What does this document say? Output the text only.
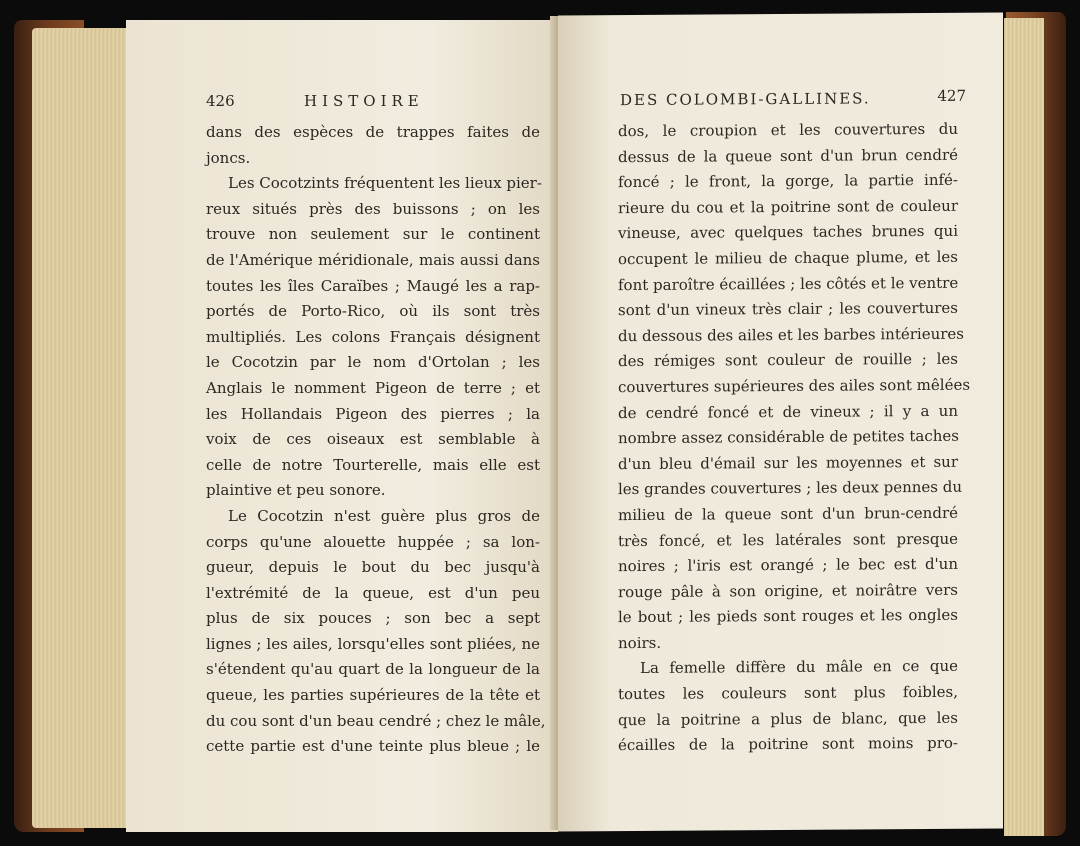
426	HISTOIRE
dans des espèces de trappes faites de
joncs.
Les Cocotzints fréquentent les lieux pier-
reux situés près des buissons ; on les
trouve non seulement sur le continent
de l'Amérique méridionale, mais aussi dans
toutes les îles Caraïbes ; Maugé les a rap-
portés de Porto-Rico, où ils sont très
multipliés. Les colons Français désignent
le Cocotzin par le nom d'Ortolan ; les
Anglais le nomment Pigeon de terre ; et
les Hollandais Pigeon des pierres ; la
voix de ces oiseaux est semblable à
celle de notre Tourterelle, mais elle est
plaintive et peu sonore.
Le Cocotzin n'est guère plus gros de
corps qu'une alouette huppée ; sa lon-
gueur, depuis le bout du bec jusqu'à
l'extrémité de la queue, est d'un peu
plus de six pouces ; son bec a sept
lignes ; les ailes, lorsqu'elles sont pliées, ne
s'étendent qu'au quart de la longueur de la
queue, les parties supérieures de la tête et
du cou sont d'un beau cendré ; chez le mâle,
cette partie est d'une teinte plus bleue ; le
DES COLOMBI-GALLINES.	427
dos, le croupion et les couvertures du
dessus de la queue sont d'un brun cendré
foncé ; le front, la gorge, la partie infé-
rieure du cou et la poitrine sont de couleur
vineuse, avec quelques taches brunes qui
occupent le milieu de chaque plume, et les
font paroître écaillées ; les côtés et le ventre
sont d'un vineux très clair ; les couvertures
du dessous des ailes et les barbes intérieures
des rémiges sont couleur de rouille ; les
couvertures supérieures des ailes sont mêlées
de cendré foncé et de vineux ; il y a un
nombre assez considérable de petites taches
d'un bleu d'émail sur les moyennes et sur
les grandes couvertures ; les deux pennes du
milieu de la queue sont d'un brun-cendré
très foncé, et les latérales sont presque
noires ; l'iris est orangé ; le bec est d'un
rouge pâle à son origine, et noirâtre vers
le bout ; les pieds sont rouges et les ongles
noirs.
La femelle diffère du mâle en ce que
toutes les couleurs sont plus foibles,
que la poitrine a plus de blanc, que les
écailles de la poitrine sont moins pro-
